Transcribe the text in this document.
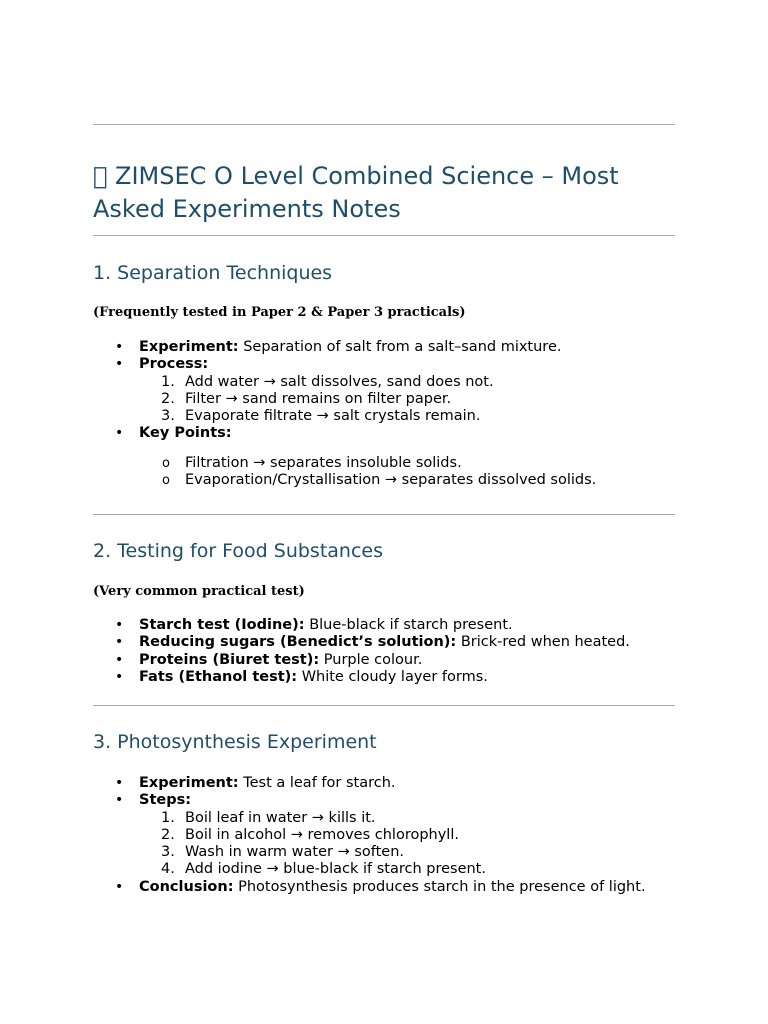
ZIMSEC O Level Combined Science – Most Asked Experiments Notes
1. Separation Techniques

(Frequently tested in Paper 2 & Paper 3 practicals)

• Experiment: Separation of salt from a salt–sand mixture.
• Process:
1. Add water → salt dissolves, sand does not.
2. Filter → sand remains on filter paper.
3. Evaporate filtrate → salt crystals remain.
• Key Points:
o Filtration → separates insoluble solids.
o Evaporation/Crystallisation → separates dissolved solids.
2. Testing for Food Substances

(Very common practical test)

• Starch test (Iodine): Blue-black if starch present.
• Reducing sugars (Benedict’s solution): Brick-red when heated.
• Proteins (Biuret test): Purple colour.
• Fats (Ethanol test): White cloudy layer forms.
3. Photosynthesis Experiment
• Experiment: Test a leaf for starch.
• Steps:
1. Boil leaf in water → kills it.
2. Boil in alcohol → removes chlorophyll.
3. Wash in warm water → soften.
4. Add iodine → blue-black if starch present.
• Conclusion: Photosynthesis produces starch in the presence of light.
